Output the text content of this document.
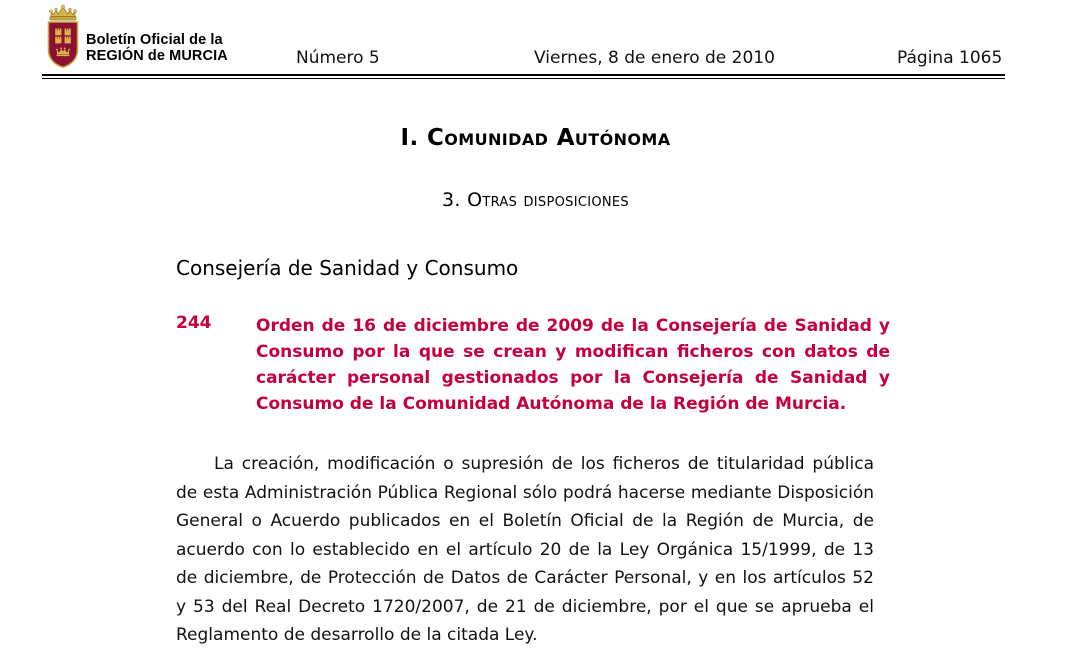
Boletín Oficial de la
REGIÓN de MURCIA	Número 5	Viernes, 8 de enero de 2010	Página 1065
I. Comunidad Autónoma
3. Otras disposiciones
Consejería de Sanidad y Consumo
244	Orden de 16 de diciembre de 2009 de la Consejería de Sanidad y Consumo por la que se crean y modifican ficheros con datos de carácter personal gestionados por la Consejería de Sanidad y Consumo de la Comunidad Autónoma de la Región de Murcia.
La creación, modificación o supresión de los ficheros de titularidad pública de esta Administración Pública Regional sólo podrá hacerse mediante Disposición General o Acuerdo publicados en el Boletín Oficial de la Región de Murcia, de acuerdo con lo establecido en el artículo 20 de la Ley Orgánica 15/1999, de 13 de diciembre, de Protección de Datos de Carácter Personal, y en los artículos 52 y 53 del Real Decreto 1720/2007, de 21 de diciembre, por el que se aprueba el Reglamento de desarrollo de la citada Ley.
